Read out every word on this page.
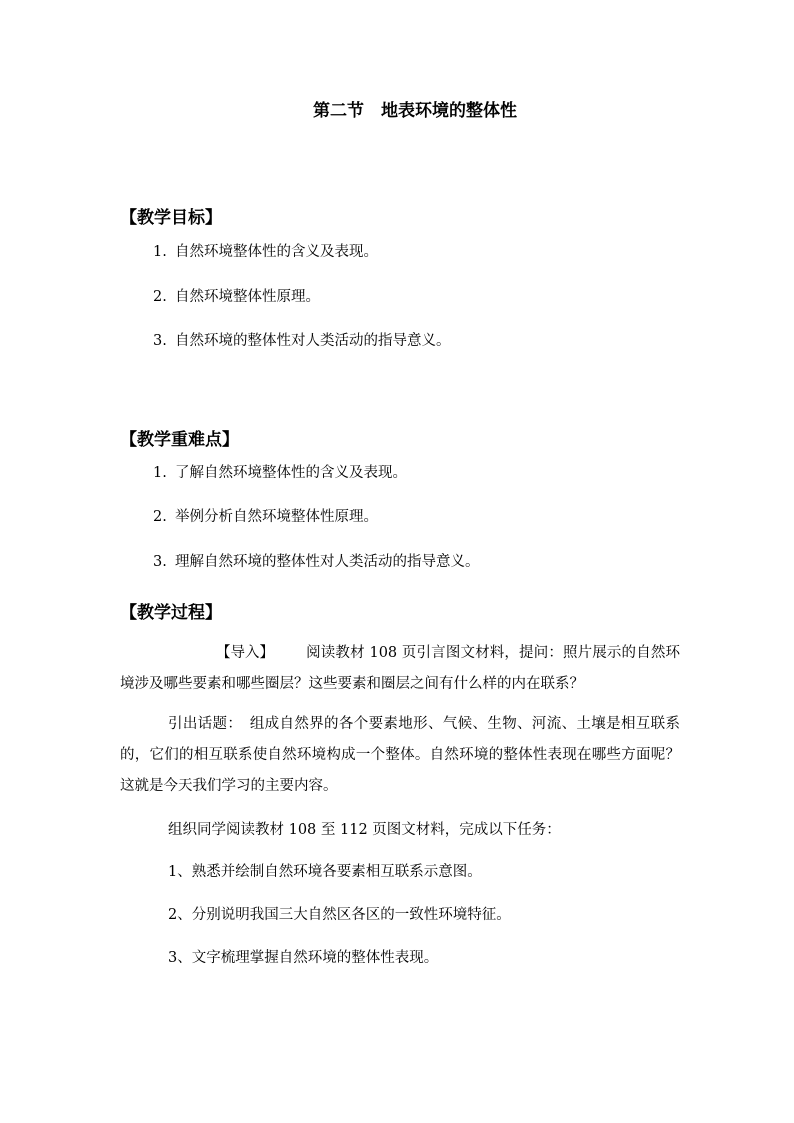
第二节　地表环境的整体性
【教学目标】
1. 自然环境整体性的含义及表现。
2. 自然环境整体性原理。
3. 自然环境的整体性对人类活动的指导意义。
【教学重难点】
1. 了解自然环境整体性的含义及表现。
2. 举例分析自然环境整体性原理。
3. 理解自然环境的整体性对人类活动的指导意义。
【教学过程】
【导入】 阅读教材 108 页引言图文材料，提问：照片展示的自然环境涉及哪些要素和哪些圈层？这些要素和圈层之间有什么样的内在联系？
引出话题：　组成自然界的各个要素地形、气候、生物、河流、土壤是相互联系的，它们的相互联系使自然环境构成一个整体。自然环境的整体性表现在哪些方面呢？这就是今天我们学习的主要内容。
组织同学阅读教材 108 至 112 页图文材料，完成以下任务：
1、熟悉并绘制自然环境各要素相互联系示意图。
2、分别说明我国三大自然区各区的一致性环境特征。
3、文字梳理掌握自然环境的整体性表现。
